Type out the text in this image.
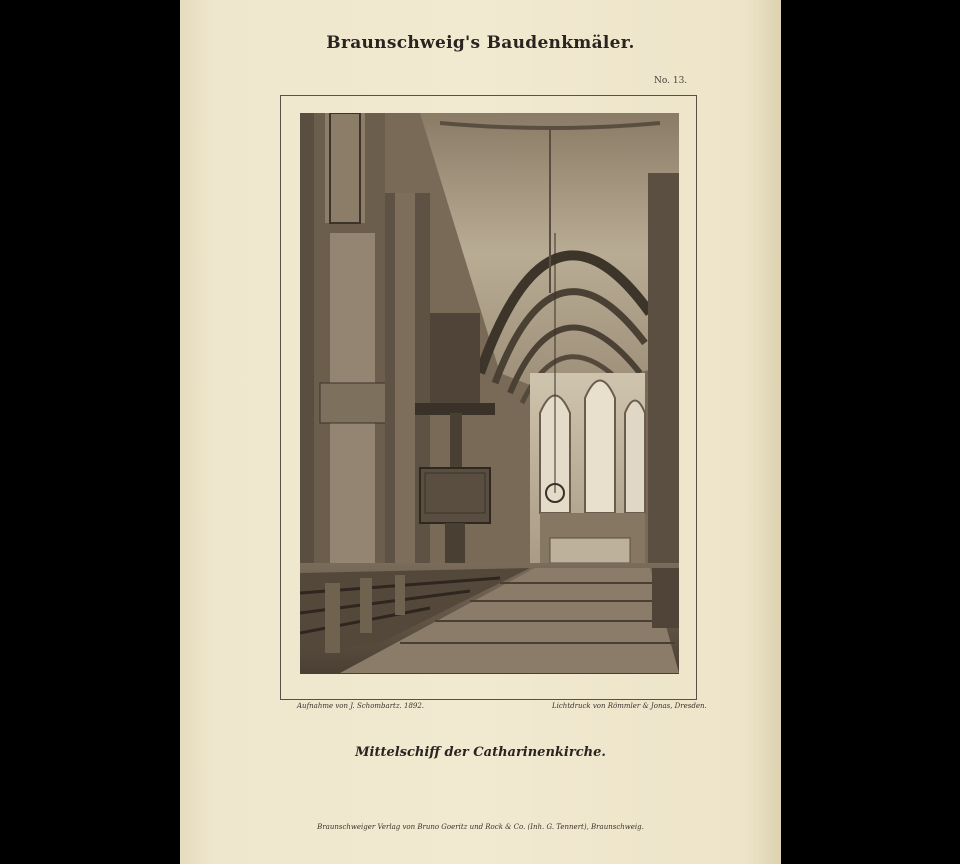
Braunschweig's Baudenkmäler.
No. 13.
Aufnahme von J. Schombartz. 1892.	Lichtdruck von Römmler & Jonas, Dresden.
Mittelschiff der Catharinenkirche.
Braunschweiger Verlag von Bruno Goeritz und Rock & Co. (Inh. G. Tennert), Braunschweig.
